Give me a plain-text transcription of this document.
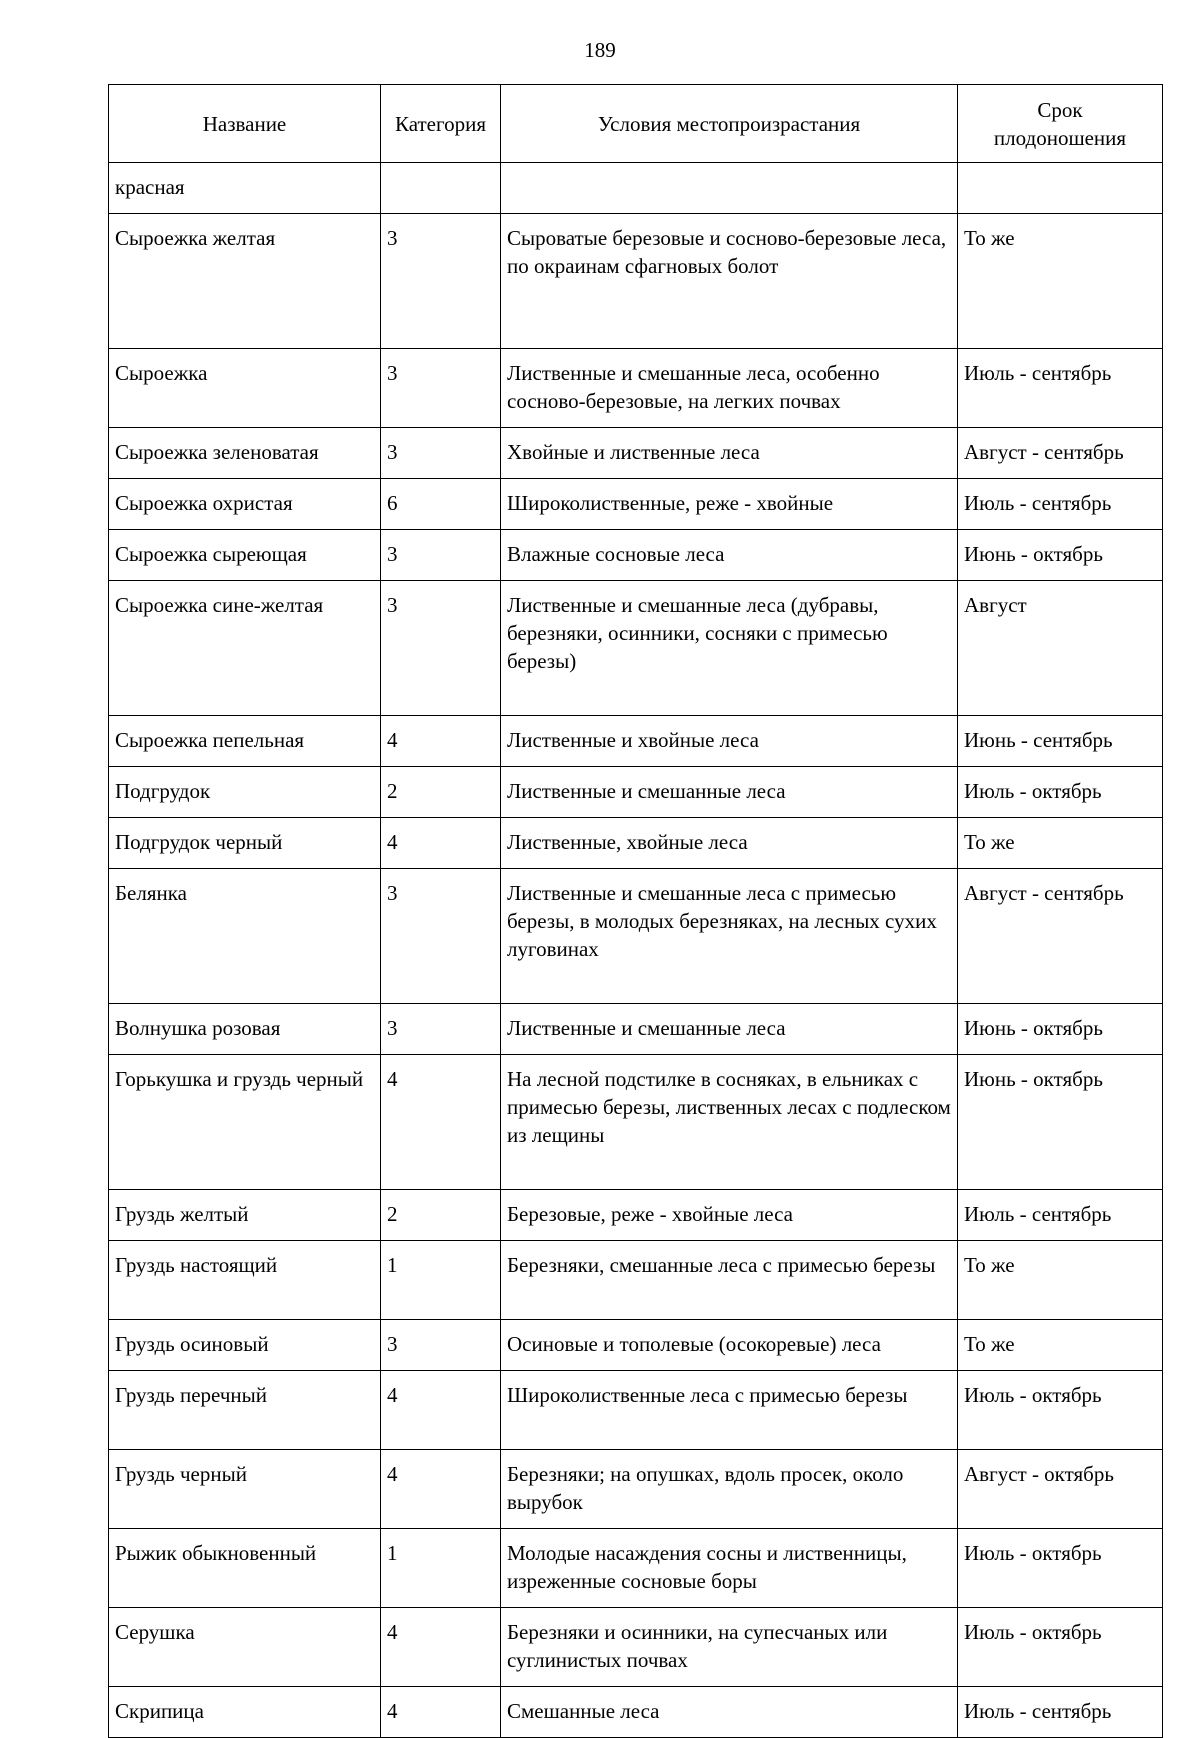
189
Название	Категория	Условия местопроизрастания	Срок плодоношения
красная			
Сыроежка желтая	3	Сыроватые березовые и сосново-березовые леса, по окраинам сфагновых болот	То же
Сыроежка	3	Лиственные и смешанные леса, особенно сосново-березовые, на легких почвах	Июль - сентябрь
Сыроежка зеленоватая	3	Хвойные и лиственные леса	Август - сентябрь
Сыроежка охристая	6	Широколиственные, реже - хвойные	Июль - сентябрь
Сыроежка сыреющая	3	Влажные сосновые леса	Июнь - октябрь
Сыроежка сине-желтая	3	Лиственные и смешанные леса (дубравы, березняки, осинники, сосняки с примесью березы)	Август
Сыроежка пепельная	4	Лиственные и хвойные леса	Июнь - сентябрь
Подгрудок	2	Лиственные и смешанные леса	Июль - октябрь
Подгрудок черный	4	Лиственные, хвойные леса	То же
Белянка	3	Лиственные и смешанные леса с примесью березы, в молодых березняках, на лесных сухих луговинах	Август - сентябрь
Волнушка розовая	3	Лиственные и смешанные леса	Июнь - октябрь
Горькушка и груздь черный	4	На лесной подстилке в сосняках, в ельниках с примесью березы, лиственных лесах с подлеском из лещины	Июнь - октябрь
Груздь желтый	2	Березовые, реже - хвойные леса	Июль - сентябрь
Груздь настоящий	1	Березняки, смешанные леса с примесью березы	То же
Груздь осиновый	3	Осиновые и тополевые (осокоревые) леса	То же
Груздь перечный	4	Широколиственные леса с примесью березы	Июль - октябрь
Груздь черный	4	Березняки; на опушках, вдоль просек, около вырубок	Август - октябрь
Рыжик обыкновенный	1	Молодые насаждения сосны и лиственницы, изреженные сосновые боры	Июль - октябрь
Серушка	4	Березняки и осинники, на супесчаных или суглинистых почвах	Июль - октябрь
Скрипица	4	Смешанные леса	Июль - сентябрь
